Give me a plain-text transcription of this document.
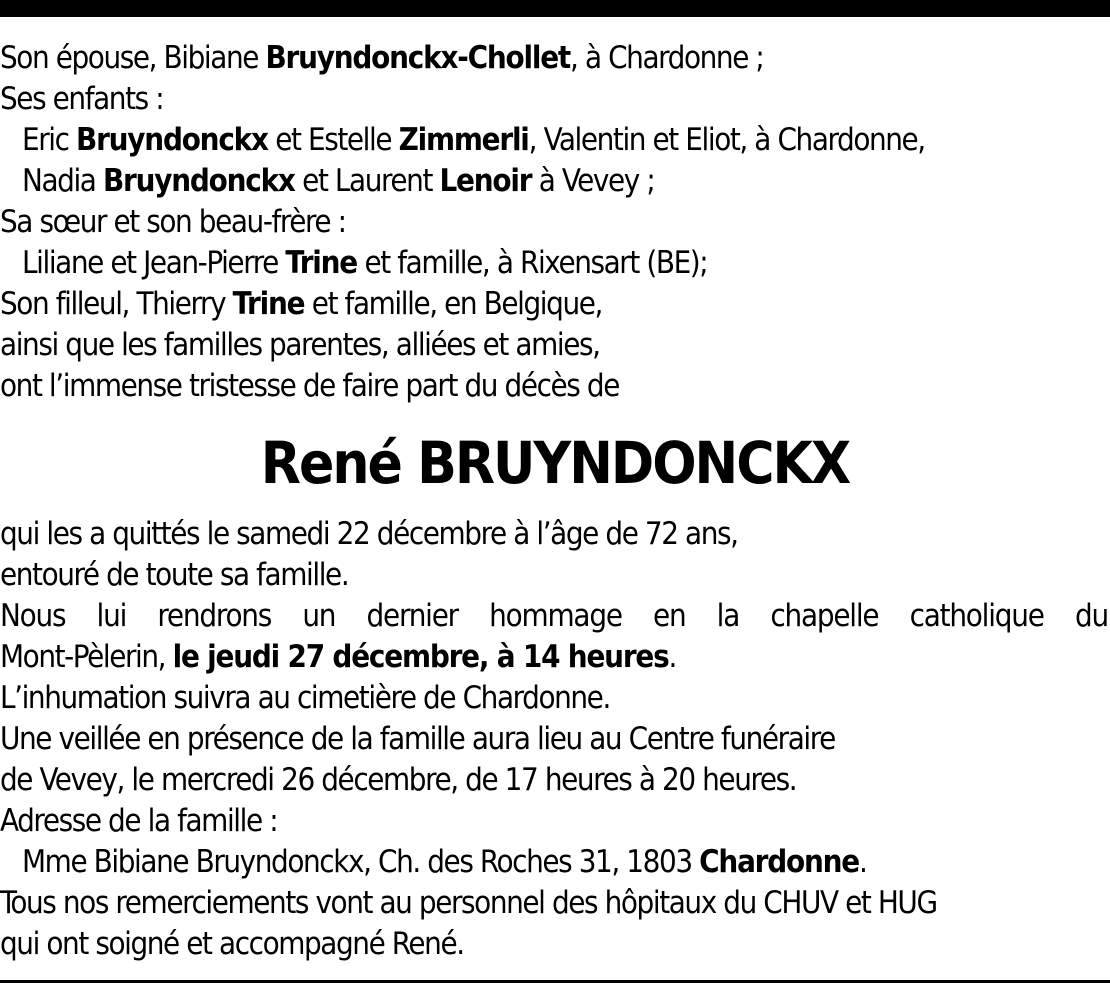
Son épouse, Bibiane Bruyndonckx-Chollet, à Chardonne ;
Ses enfants :
Eric Bruyndonckx et Estelle Zimmerli, Valentin et Eliot, à Chardonne,
Nadia Bruyndonckx et Laurent Lenoir à Vevey ;
Sa sœur et son beau-frère :
Liliane et Jean-Pierre Trine et famille, à Rixensart (BE);
Son filleul, Thierry Trine et famille, en Belgique,
ainsi que les familles parentes, alliées et amies,
ont l’immense tristesse de faire part du décès de
René BRUYNDONCKX
qui les a quittés le samedi 22 décembre à l’âge de 72 ans,
entouré de toute sa famille.
Nous lui rendrons un dernier hommage en la chapelle catholique du
Mont-Pèlerin, le jeudi 27 décembre, à 14 heures.
L’inhumation suivra au cimetière de Chardonne.
Une veillée en présence de la famille aura lieu au Centre funéraire
de Vevey, le mercredi 26 décembre, de 17 heures à 20 heures.
Adresse de la famille :
Mme Bibiane Bruyndonckx, Ch. des Roches 31, 1803 Chardonne.
Tous nos remerciements vont au personnel des hôpitaux du CHUV et HUG
qui ont soigné et accompagné René.
